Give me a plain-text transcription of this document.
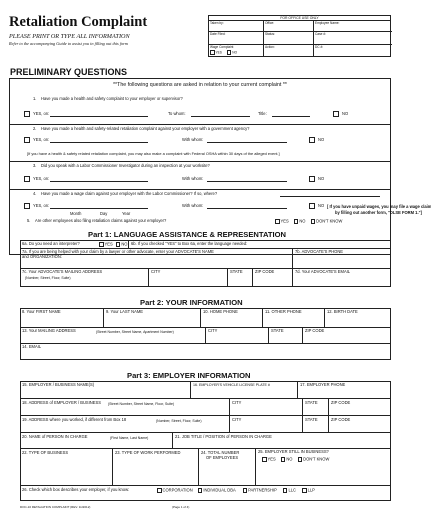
Retaliation Complaint
PLEASE PRINT OR TYPE ALL INFORMATION
Refer to the accompanying Guide to assist you in filling out this form
FOR OFFICE USE ONLY
Taken by:	Office:	Employee Name:
Date Filed:	Status:	Case #:
Wage Complaint
YES	NO
Action:	DC #:
PRELIMINARY QUESTIONS
**The following questions are asked in relation to your current complaint **
1. Have you made a health and safety complaint to your employer or supervisor?
YES, on:	To whom:	Title:	NO
2. Have you made a health and safety-related retaliation complaint against your employer with a government agency?
YES, on:	With whom:	NO
[If you have a health & safety related retaliation complaint, you may also make a complaint with Federal OSHA within 30 days of the alleged event.]
3. Did you speak with a Labor Commissioner Investigator during an inspection at your worksite?
YES, on:	With whom:	NO
4. Have you made a wage claim against your employer with the Labor Commissioner? If so, where?
YES, on:
Month	Day	Year
With whom:	NO [ If you have unpaid wages, you may file a wage claim
by filling out another form, "DLSE FORM 1."]
5. Are other employees also filing retaliation claims against your employer?	YES	NO	DON'T KNOW
Part 1: LANGUAGE ASSISTANCE & REPRESENTATION
6a. Do you need an interpreter?	YES NO 6b. If you checked "YES" to Box 6a, enter the language needed:
7a. If you are being helped with your claim by a lawyer or other advocate, enter your ADVOCATE'S NAME
and ORGANIZATION:
7b. ADVOCATE'S PHONE
7c. Your ADVOCATE'S MAILING ADDRESS
(Number, Street, Floor, Suite)
CITY	STATE	ZIP CODE	7d. Your ADVOCATE'S EMAIL
Part 2: YOUR INFORMATION
8. Your FIRST NAME	9. Your LAST NAME	10. HOME PHONE	11. OTHER PHONE	12. BIRTH DATE
13. Your MAILING ADDRESS	(Street Number, Street Name, Apartment Number)	CITY	STATE	ZIP CODE
14. EMAIL
Part 3: EMPLOYER INFORMATION
15. EMPLOYER / BUSINESS NAME(S)	16. EMPLOYER'S VEHICLE LICENSE PLATE #	17. EMPLOYER PHONE
18. ADDRESS of EMPLOYER / BUSINESS (Street Number, Street Name, Floor, Suite)	CITY	STATE	ZIP CODE
19. ADDRESS where you worked, if different from Box 18	(Number, Street, Floor, Suite)	CITY	STATE	ZIP CODE
20. NAME of PERSON IN CHARGE	(First Name, Last Name)	21. JOB TITLE / POSITION of PERSON IN CHARGE
22. TYPE OF BUSINESS	23. TYPE OF WORK PERFORMED	24. TOTAL NUMBER
OF EMPLOYEES
25. EMPLOYER STILL IN BUSINESS?
YES	NO	DON'T KNOW
26. Check which box describes your employer, if you know:	CORPORATION	INDIVIDUAL DBA	PARTNERSHIP	LLC	LLP
DOC-10 RETALIATION COMPLAINT (REV. 11/2012)	(Page 1 of 4)
